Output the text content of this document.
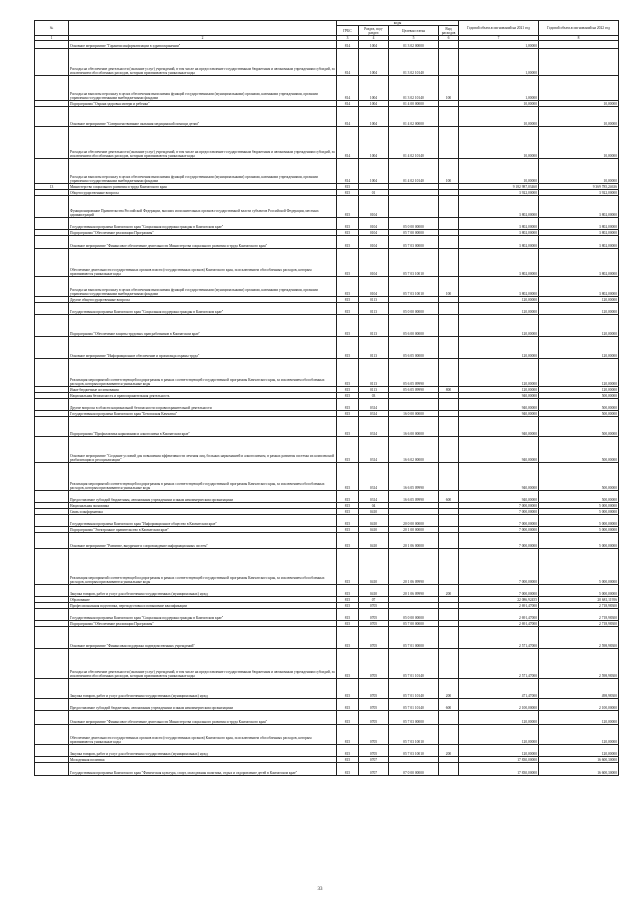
№		коды				Годовой объем ассигнований на 2021 год	Годовой объем ассигнований на 2022 год
		ГРБС	Раздел, под-раздел	Целевая статья	Вид расходов		
1	2	3	4	5	6	7	8
	Основное мероприятие "Гарантии информатизации в здравоохранении"	814	1004	01 3 02 00000		1,00000	
	Расходы на обеспечение деятельности (оказание услуг) учреждений, в том числе на предоставление государственным бюджетным и автономным учреждениям субсидий, за исключением обособленных расходов, которым присваиваются уникальные коды	814	1004	01 3 02 10140		1,00000	
	Расходы на выплаты персоналу в целях обеспечения выполнения функций государственными (муниципальными) органами, казенными учреждениями, органами управления государственными внебюджетными фондами	814	1004	01 3 02 10140	100	1,00000	
	Подпрограмма "Охрана здоровья матери и ребенка"	814	1004	01 4 00 00000		10,00000	10,00000
	Основное мероприятие "Совершенствование оказания медицинской помощи детям"	814	1004	01 4 02 00000		10,00000	10,00000
	Расходы на обеспечение деятельности (оказание услуг) учреждений, в том числе на предоставление государственным бюджетным и автономным учреждениям субсидий, за исключением обособленных расходов, которым присваиваются уникальные коды	814	1004	01 4 02 10140		10,00000	10,00000
	Расходы на выплаты персоналу в целях обеспечения выполнения функций государственными (муниципальными) органами, казенными учреждениями, органами управления государственными внебюджетными фондами	814	1004	01 4 02 10140	100	10,00000	10,00000
13	Министерство социального развития и труда Камчатского края	815				9 182 987,03460	9 369 785,24636
	Общегосударственные вопросы	815	01			3 922,00000	3 922,00000
	Функционирование Правительства Российской Федерации, высших исполнительных органов государственной власти субъектов Российской Федерации, местных администраций	815	0104			3 802,00000	3 802,00000
	Государственная программа Камчатского края "Социальная поддержка граждан в Камчатском крае"	815	0104	05 0 00 00000		3 802,00000	3 802,00000
	Подпрограмма "Обеспечение реализации Программы"	815	0104	05 7 00 00000		3 802,00000	3 802,00000
	Основное мероприятие "Финансовое обеспечение деятельности Министерства социального развития и труда Камчатского края"	815	0104	05 7 03 00000		3 802,00000	3 802,00000
	Обеспечение деятельности государственных органов власти (государственных органов) Камчатского края, за исключением обособленных расходов, которым присваиваются уникальные коды	815	0104	05 7 03 10010		3 802,00000	3 802,00000
	Расходы на выплаты персоналу в целях обеспечения выполнения функций государственными (муниципальными) органами, казенными учреждениями, органами управления государственными внебюджетными фондами	815	0104	05 7 03 10010	100	3 802,00000	3 802,00000
	Другие общегосударственные вопросы	815	0113			120,00000	120,00000
	Государственная программа Камчатского края "Социальная поддержка граждан в Камчатском крае"	815	0113	05 0 00 00000		120,00000	120,00000
	Подпрограмма "Обеспечение защиты трудовых прав работников в Камчатском крае"	815	0113	05 6 00 00000		120,00000	120,00000
	Основное мероприятие "Информационное обеспечение и пропаганда охраны труда"	815	0113	05 6 05 00000		120,00000	120,00000
	Реализация мероприятий соответствующей подпрограммы в рамках соответствующей государственной программы Камчатского края, за исключением обособленных расходов, которым присваиваются уникальные коды	815	0113	05 6 05 09990		120,00000	120,00000
	Иные бюджетные ассигнования	815	0113	05 6 05 09990	800	120,00000	120,00000
	Национальная безопасность и правоохранительная деятельность	815	03			940,00000	500,00000
	Другие вопросы в области национальной безопасности и правоохранительной деятельности	815	0314			940,00000	500,00000
	Государственная программа Камчатского края "Безопасная Камчатка"	815	0314	16 0 00 00000		940,00000	500,00000
	Подпрограмма "Профилактика наркомании и алкоголизма в Камчатском крае"	815	0314	16 6 00 00000		940,00000	500,00000
	Основное мероприятие "Создание условий для повышения эффективности лечения лиц, больных наркоманией и алкоголизмом, в рамках развития системы их комплексной реабилитации и ресоциализации"	815	0314	16 6 02 00000		940,00000	500,00000
	Реализация мероприятий соответствующей подпрограммы в рамках соответствующей государственной программы Камчатского края, за исключением обособленных расходов, которым присваиваются уникальные коды	815	0314	16 6 05 09990		940,00000	500,00000
	Предоставление субсидий бюджетным, автономным учреждениям и иным некоммерческим организациям	815	0314	16 6 05 09990	600	940,00000	500,00000
	Национальная экономика	815	04			7 000,00000	5 000,00000
	Связь и информатика	815	0410			7 000,00000	5 000,00000
	Государственная программа Камчатского края "Информационное общество в Камчатском крае"	815	0410	20 0 00 00000		7 000,00000	5 000,00000
	Подпрограмма "Электронное правительство в Камчатском крае"	815	0410	20 1 00 00000		7 000,00000	5 000,00000
	Основное мероприятие "Развитие, внедрение и сопровождение информационных систем"	815	0410	20 1 06 00000		7 000,00000	5 000,00000
	Реализация мероприятий соответствующей подпрограммы в рамках соответствующей государственной программы Камчатского края, за исключением обособленных расходов, которым присваиваются уникальные коды	815	0410	20 1 06 09990		7 000,00000	5 000,00000
	Закупка товаров, работ и услуг для обеспечения государственных (муниципальных) нужд	815	0410	20 1 06 09990	200	7 000,00000	5 000,00000
	Образование	815	07			22 086,92455	20 681,11956
	Профессиональная подготовка, переподготовка и повышение квалификации	815	0705			2 691,47000	2 718,98300
	Государственная программа Камчатского края "Социальная поддержка граждан в Камчатском крае"	815	0705	05 0 00 00000		2 691,47000	2 718,98300
	Подпрограмма "Обеспечение реализации Программы"	815	0705	05 7 00 00000		2 691,47000	2 718,98300
	Основное мероприятие "Финансовая поддержка подведомственных учреждений"	815	0705	05 7 01 00000		2 571,47000	2 598,98300
	Расходы на обеспечение деятельности (оказание услуг) учреждений, в том числе на предоставление государственным бюджетным и автономным учреждениям субсидий, за исключением обособленных расходов, которым присваиваются уникальные коды	815	0705	05 7 01 10140		2 571,47000	2 598,98300
	Закупка товаров, работ и услуг для обеспечения государственных (муниципальных) нужд	815	0705	05 7 01 10140	200	471,47000	498,98300
	Предоставление субсидий бюджетным, автономным учреждениям и иным некоммерческим организациям	815	0705	05 7 01 10140	600	2 100,00000	2 100,00000
	Основное мероприятие "Финансовое обеспечение деятельности Министерства социального развития и труда Камчатского края"	815	0705	05 7 03 00000		120,00000	120,00000
	Обеспечение деятельности государственных органов власти (государственных органов) Камчатского края, за исключением обособленных расходов, которым присваиваются уникальные коды	815	0705	05 7 03 10010		120,00000	120,00000
	Закупка товаров, работ и услуг для обеспечения государственных (муниципальных) нужд	815	0705	05 7 03 10010	200	120,00000	120,00000
	Молодежная политика	815	0707			17 830,00000	16 600,30000
	Государственная программа Камчатского края "Физическая культура, спорт, молодежная политика, отдых и оздоровление детей в Камчатском крае"	815	0707	07 0 00 00000		17 830,00000	16 600,30000
33
